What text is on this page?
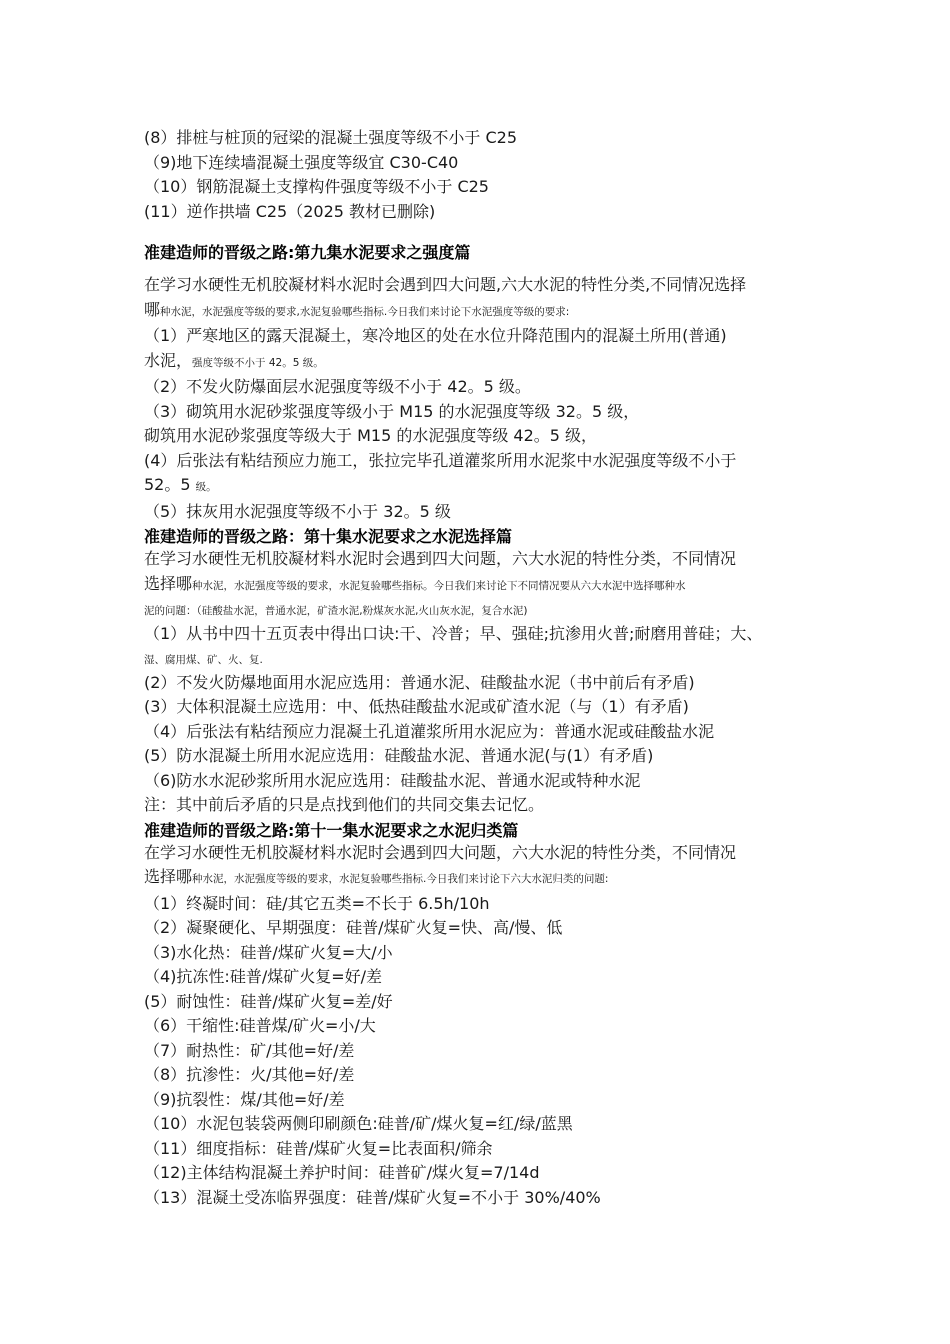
(8）排桩与桩顶的冠梁的混凝土强度等级不小于 C25
（9)地下连续墙混凝土强度等级宜 C30-C40
（10）钢筋混凝土支撑构件强度等级不小于 C25
(11）逆作拱墙 C25（2025 教材已删除)
准建造师的晋级之路:第九集水泥要求之强度篇
在学习水硬性无机胶凝材料水泥时会遇到四大问题,六大水泥的特性分类,不同情况选择
哪种水泥，水泥强度等级的要求,水泥复验哪些指标.今日我们来讨论下水泥强度等级的要求:
（1）严寒地区的露天混凝土，寒冷地区的处在水位升降范围内的混凝土所用(普通)
水泥，强度等级不小于 42。5 级。
（2）不发火防爆面层水泥强度等级不小于 42。5 级。
（3）砌筑用水泥砂浆强度等级小于 M15 的水泥强度等级 32。5 级，
砌筑用水泥砂浆强度等级大于 M15 的水泥强度等级 42。5 级，
(4）后张法有粘结预应力施工，张拉完毕孔道灌浆所用水泥浆中水泥强度等级不小于
52。5 级。
（5）抹灰用水泥强度等级不小于 32。5 级
准建造师的晋级之路：第十集水泥要求之水泥选择篇
在学习水硬性无机胶凝材料水泥时会遇到四大问题，六大水泥的特性分类，不同情况
选择哪种水泥，水泥强度等级的要求，水泥复验哪些指标。今日我们来讨论下不同情况要从六大水泥中选择哪种水
泥的问题：（硅酸盐水泥，普通水泥，矿渣水泥,粉煤灰水泥,火山灰水泥，复合水泥)
（1）从书中四十五页表中得出口诀:干、冷普；早、强硅;抗渗用火普;耐磨用普硅；大、
湿、腐用煤、矿、火、复.
(2）不发火防爆地面用水泥应选用：普通水泥、硅酸盐水泥（书中前后有矛盾)
(3）大体积混凝土应选用：中、低热硅酸盐水泥或矿渣水泥（与（1）有矛盾)
（4）后张法有粘结预应力混凝土孔道灌浆所用水泥应为：普通水泥或硅酸盐水泥
(5）防水混凝土所用水泥应选用：硅酸盐水泥、普通水泥(与(1）有矛盾)
（6)防水水泥砂浆所用水泥应选用：硅酸盐水泥、普通水泥或特种水泥
注：其中前后矛盾的只是点找到他们的共同交集去记忆。
准建造师的晋级之路:第十一集水泥要求之水泥归类篇
在学习水硬性无机胶凝材料水泥时会遇到四大问题，六大水泥的特性分类，不同情况
选择哪种水泥，水泥强度等级的要求，水泥复验哪些指标.今日我们来讨论下六大水泥归类的问题:
（1）终凝时间：硅/其它五类=不长于 6.5h/10h
（2）凝聚硬化、早期强度：硅普/煤矿火复=快、高/慢、低
（3)水化热：硅普/煤矿火复=大/小
（4)抗冻性:硅普/煤矿火复=好/差
(5）耐蚀性：硅普/煤矿火复=差/好
（6）干缩性:硅普煤/矿火=小/大
（7）耐热性：矿/其他=好/差
（8）抗渗性：火/其他=好/差
（9)抗裂性：煤/其他=好/差
（10）水泥包装袋两侧印刷颜色:硅普/矿/煤火复=红/绿/蓝黑
（11）细度指标：硅普/煤矿火复=比表面积/筛余
（12)主体结构混凝土养护时间：硅普矿/煤火复=7/14d
（13）混凝土受冻临界强度：硅普/煤矿火复=不小于 30%/40%
